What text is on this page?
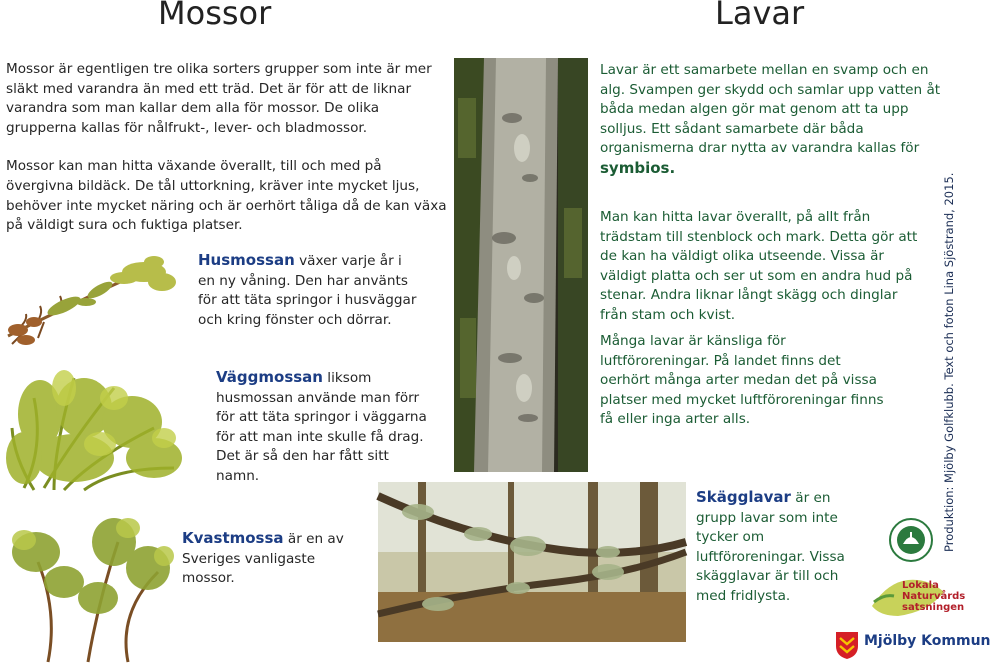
Mossor

Mossor är egentligen tre olika sorters grupper som inte är mer släkt med varandra än med ett träd. Det är för att de liknar varandra som man kallar dem alla för mossor. De olika grupperna kallas för nålfrukt-, lever- och bladmossor.

Mossor kan man hitta växande överallt, till och med på övergivna bildäck. De tål uttorkning, kräver inte mycket ljus, behöver inte mycket näring och är oerhört tåliga då de kan växa på väldigt sura och fuktiga platser.

Husmossan växer varje år i en ny våning. Den har använts för att täta springor i husväggar och kring fönster och dörrar.
Väggmossan liksom husmossan använde man förr för att täta springor i väggarna för att man inte skulle få drag. Det är så den har fått sitt namn.
Kvastmossa är en av Sveriges vanligaste mossor.
Lavar
Lavar är ett samarbete mellan en svamp och en alg. Svampen ger skydd och samlar upp vatten åt båda medan algen gör mat genom att ta upp solljus. Ett sådant samarbete där båda organismerna drar nytta av varandra kallas för symbios.
Man kan hitta lavar överallt, på allt från trädstam till stenblock och mark. Detta gör att de kan ha väldigt olika utseende. Vissa är väldigt platta och ser ut som en andra hud på stenar. Andra liknar långt skägg och dinglar från stam och kvist.
Många lavar är känsliga för luftföroreningar. På landet finns det oerhört många arter medan det på vissa platser med mycket luftföroreningar finns få eller inga arter alls.
Skägglavar är en grupp lavar som inte tycker om luftföroreningar. Vissa skägglavar är till och med fridlysta.
Produktion: Mjölby Golfklubb. Text och foton Lina Sjöstrand, 2015.
Lokala
Naturvårds
satsningen
Mjölby Kommun
